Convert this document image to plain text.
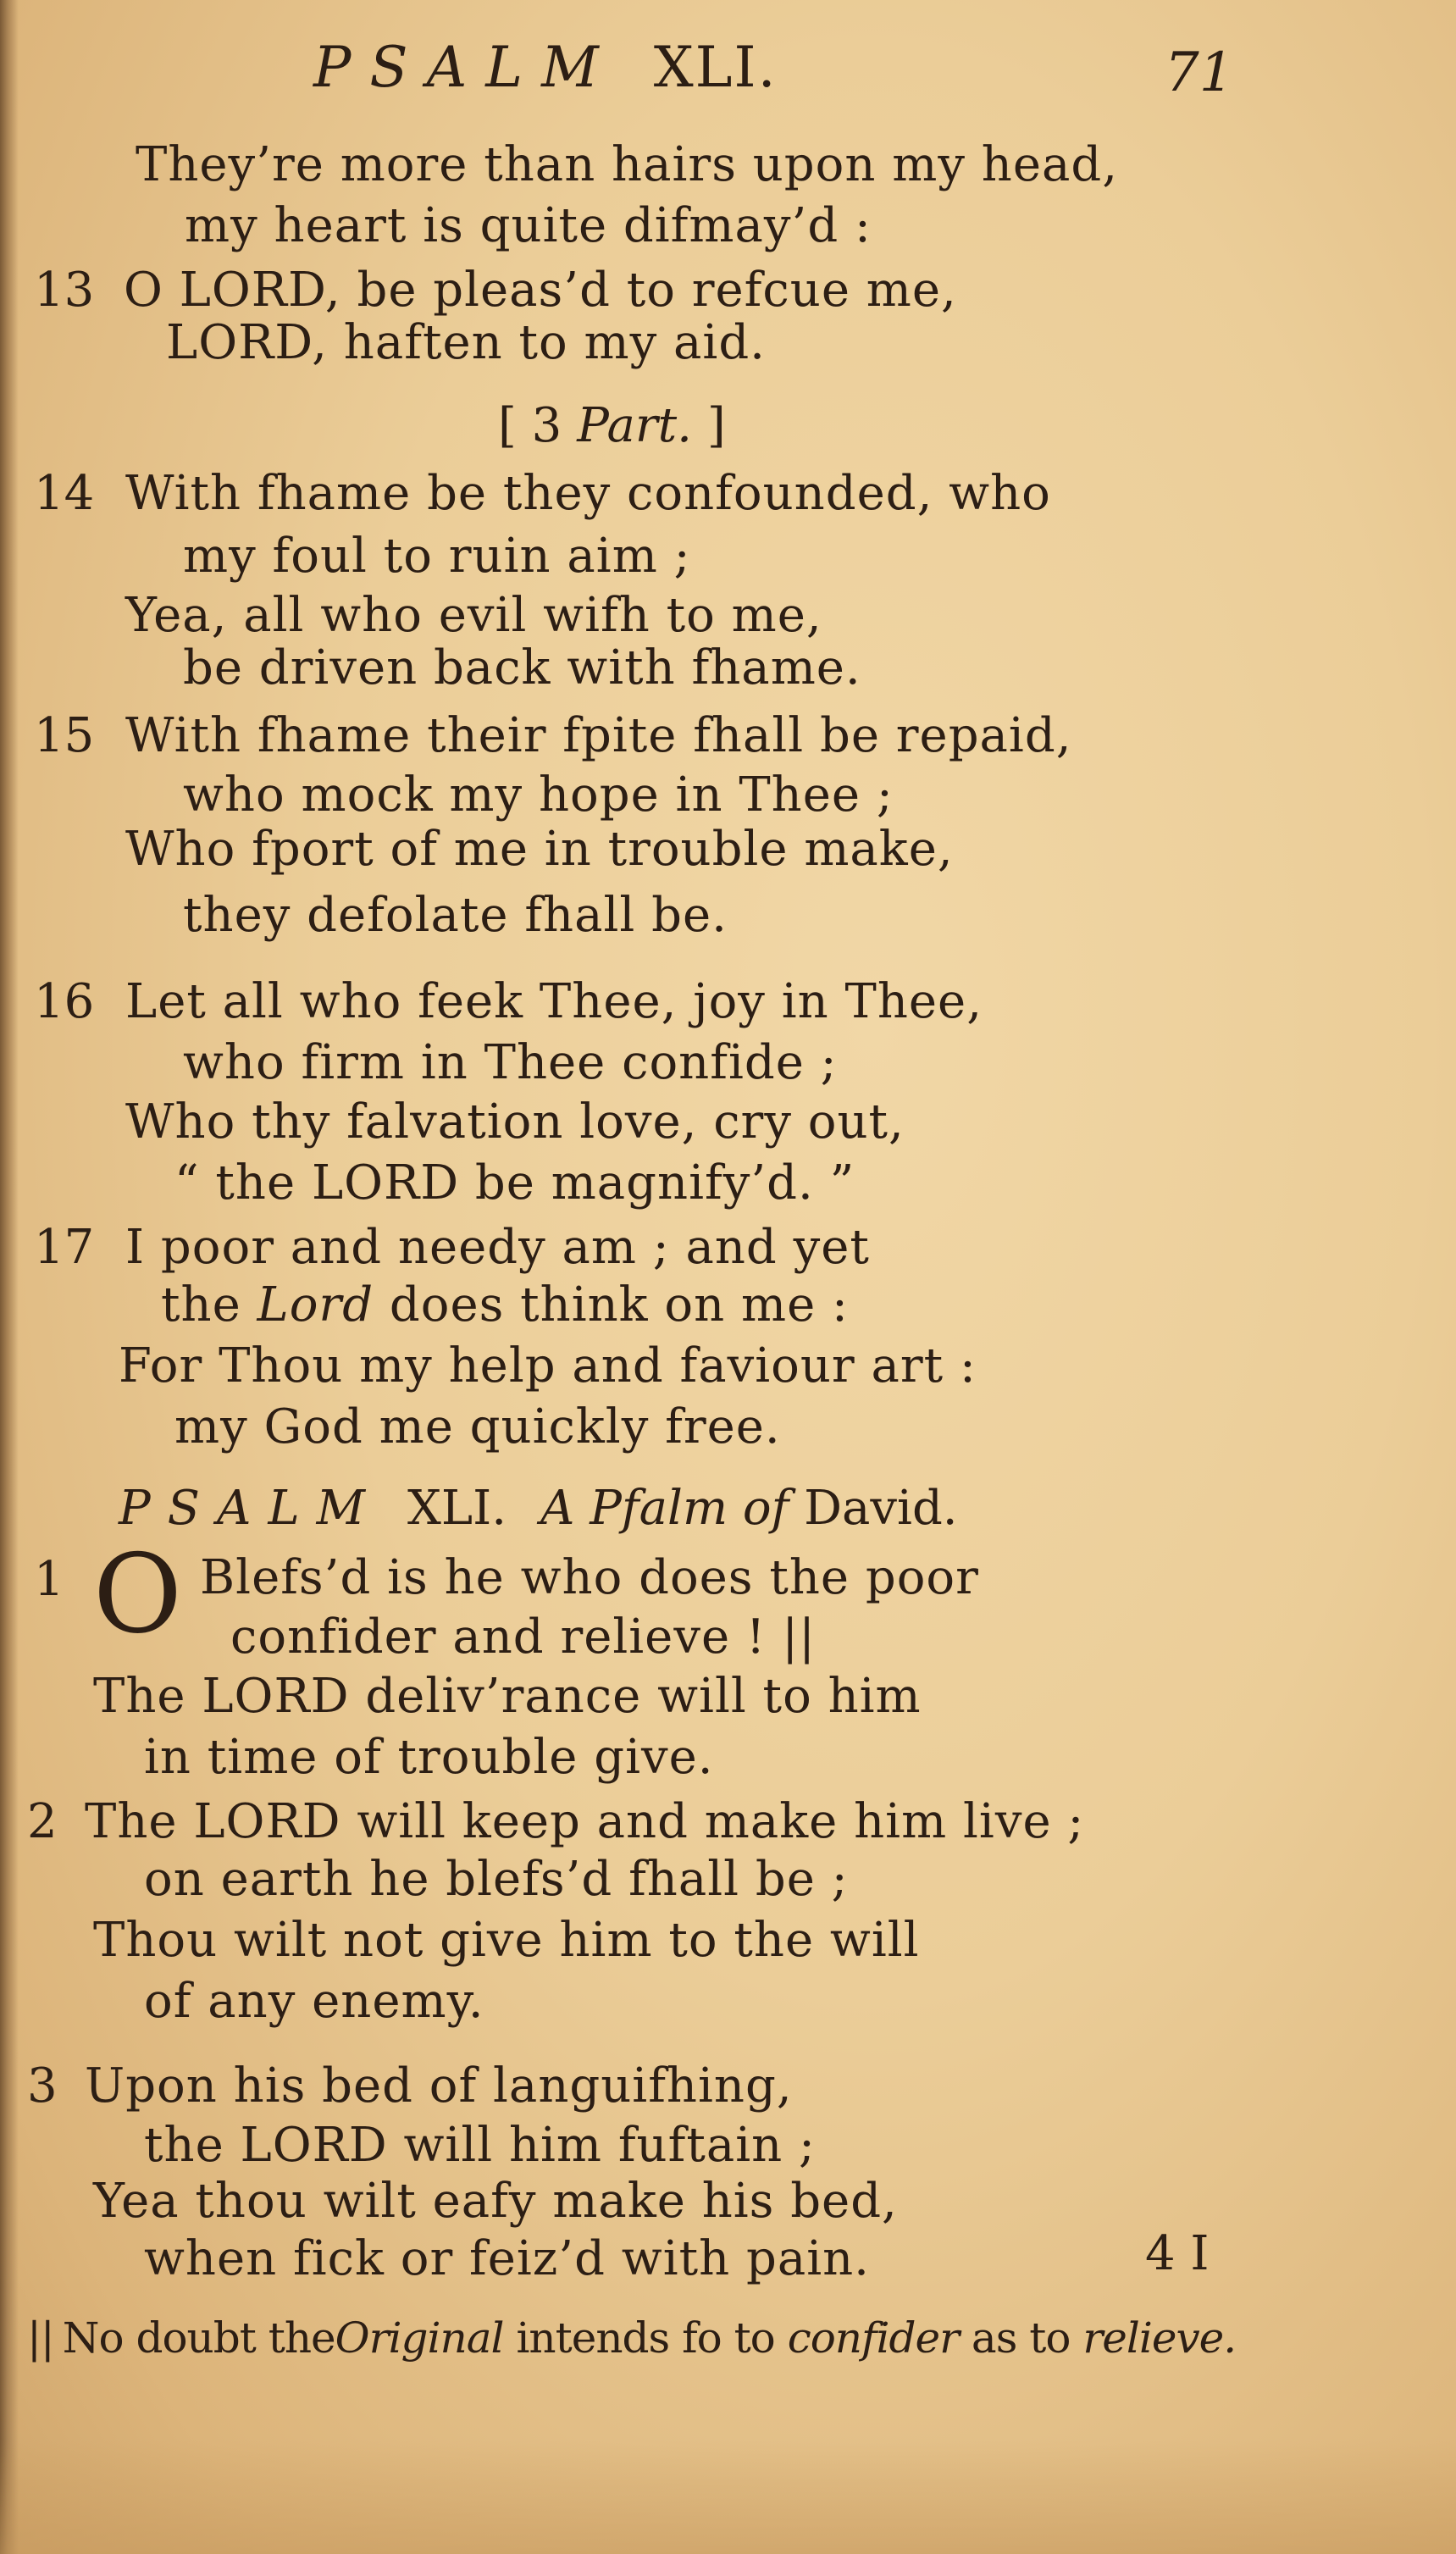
PSALM XLI.	71
They’re more than hairs upon my head,
my heart is quite difmay’d :
13 O LORD, be pleas’d to refcue me,
LORD, haften to my aid.
[ 3 Part. ]
14 With fhame be they confounded, who
my foul to ruin aim ;
Yea, all who evil wifh to me,
be driven back with fhame.
15 With fhame their fpite fhall be repaid,
who mock my hope in Thee ;
Who fport of me in trouble make,
they defolate fhall be.
16 Let all who feek Thee, joy in Thee,
who firm in Thee confide ;
Who thy falvation love, cry out,
“ the LORD be magnify’d. ”
17 I poor and needy am ; and yet
the Lord does think on me :
For Thou my help and faviour art :
my God me quickly free.
PSALM XLI. A Pfalm of David.
1 O Blefs’d is he who does the poor
confider and relieve ! ||
The LORD deliv’rance will to him
in time of trouble give.
2 The LORD will keep and make him live ;
on earth he blefs’d fhall be ;
Thou wilt not give him to the will
of any enemy.
3 Upon his bed of languifhing,
the LORD will him fuftain ;
Yea thou wilt eafy make his bed,
when fick or feiz’d with pain.	4 I
|| No doubt theOriginal intends fo to confider as to relieve.
